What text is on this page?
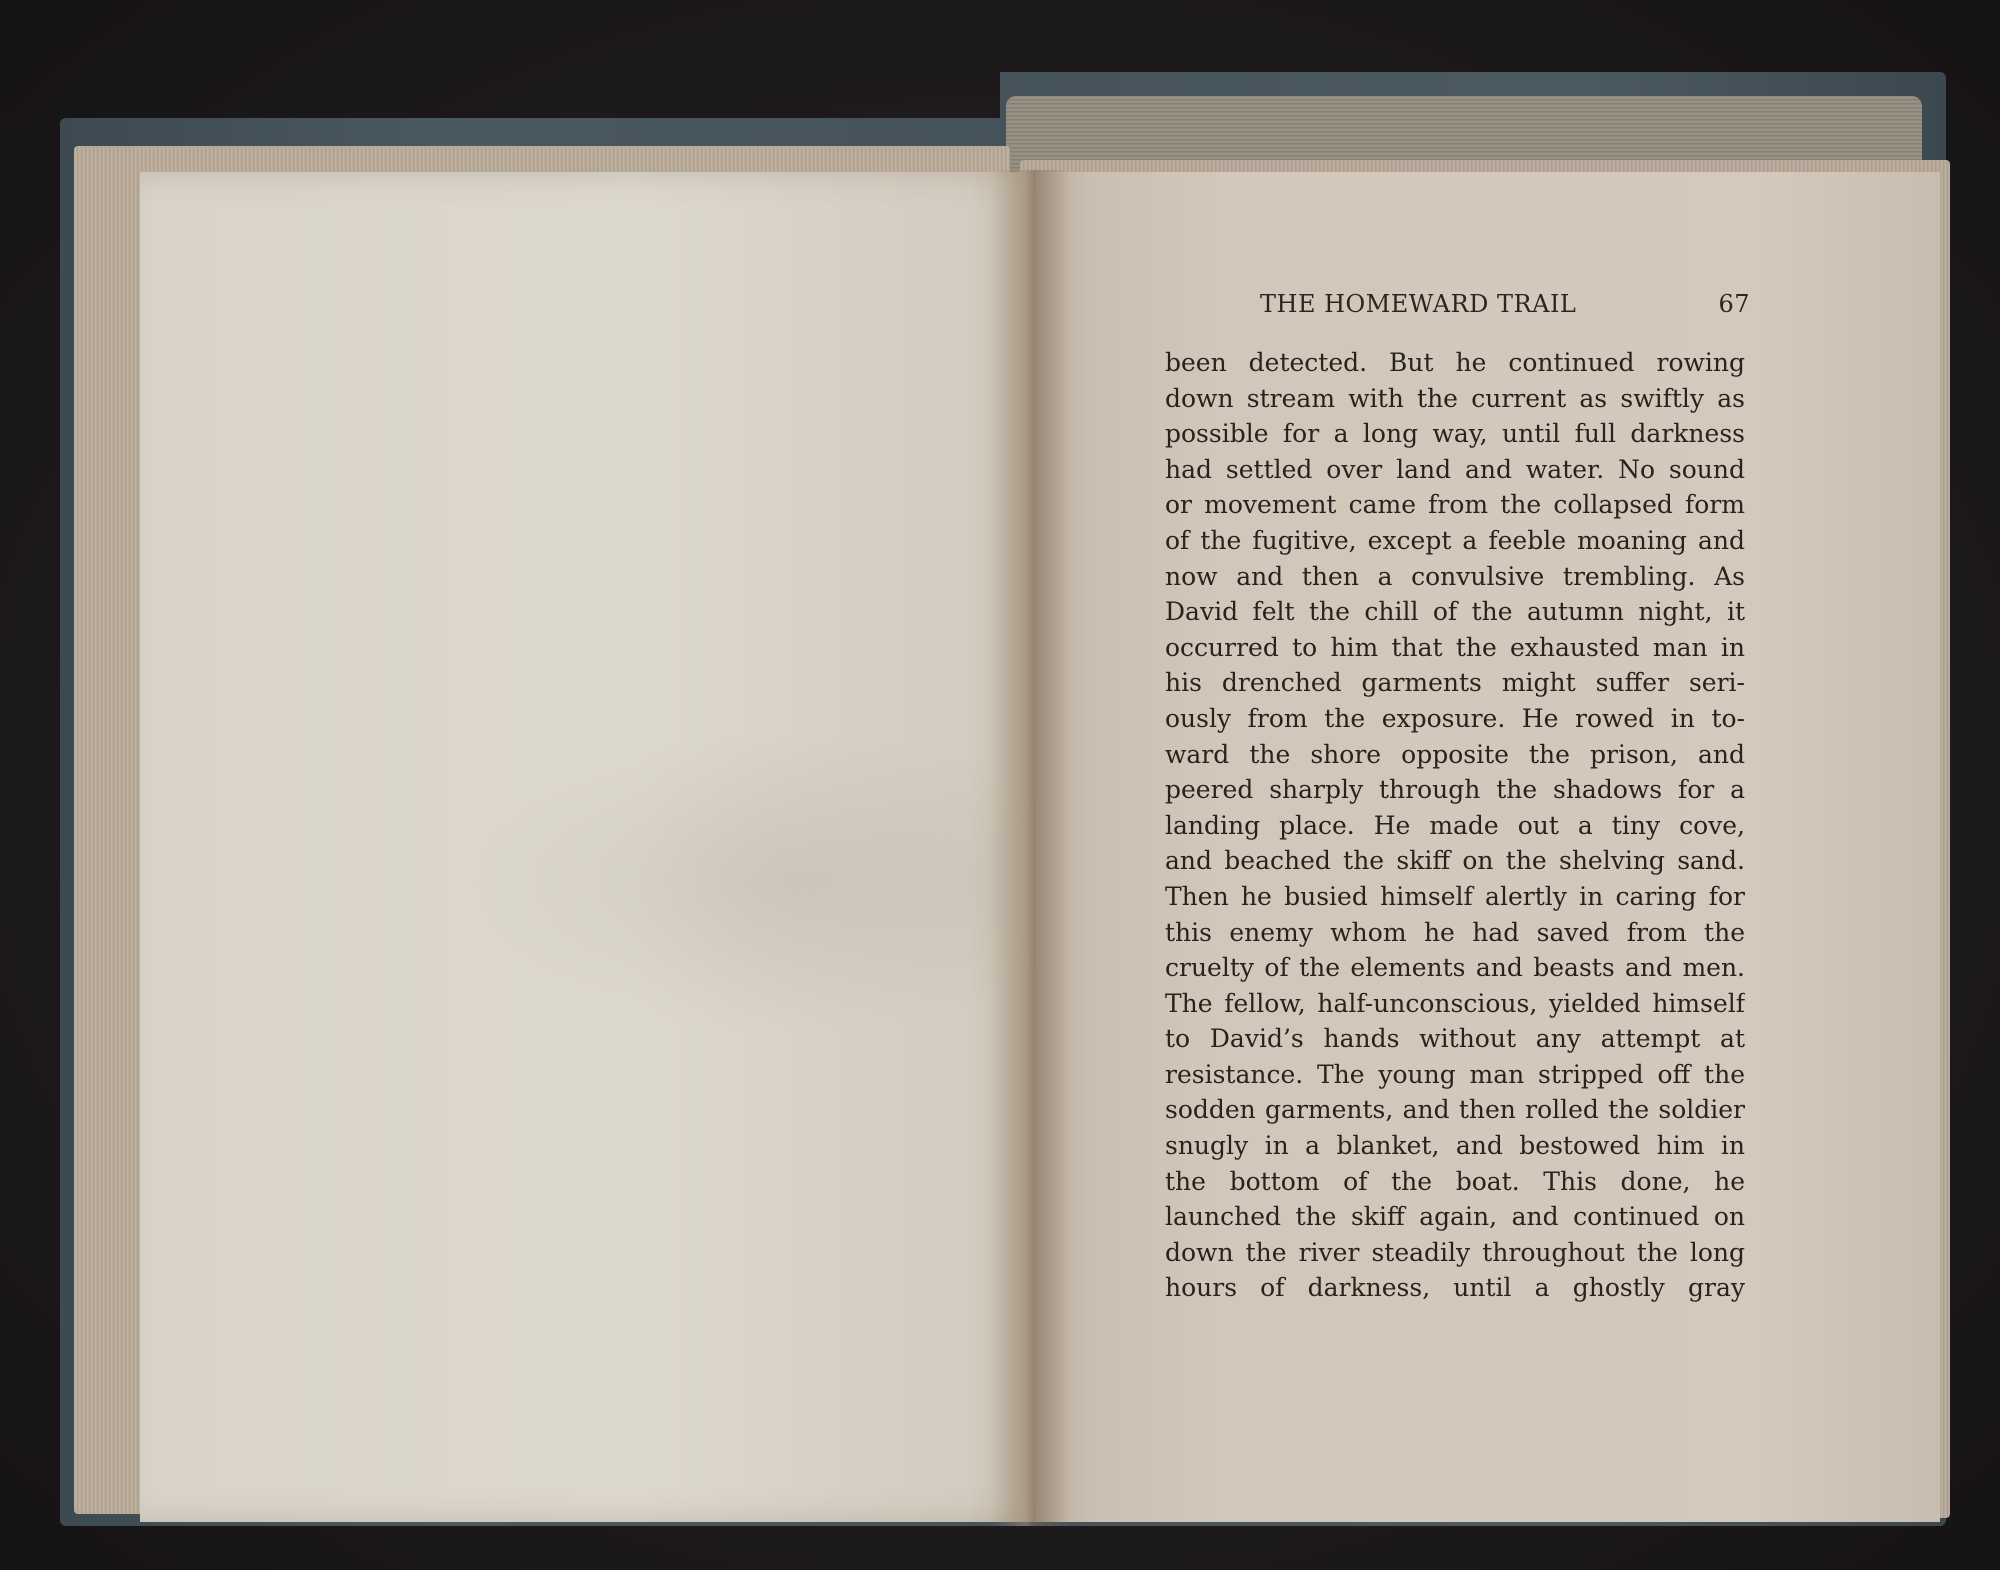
THE HOMEWARD TRAIL	67
been detected. But he continued rowing
down stream with the current as swiftly as
possible for a long way, until full darkness
had settled over land and water. No sound
or movement came from the collapsed form
of the fugitive, except a feeble moaning and
now and then a convulsive trembling. As
David felt the chill of the autumn night, it
occurred to him that the exhausted man in
his drenched garments might suffer seri-
ously from the exposure. He rowed in to-
ward the shore opposite the prison, and
peered sharply through the shadows for a
landing place. He made out a tiny cove,
and beached the skiff on the shelving sand.
Then he busied himself alertly in caring for
this enemy whom he had saved from the
cruelty of the elements and beasts and men.
The fellow, half-unconscious, yielded himself
to David’s hands without any attempt at
resistance. The young man stripped off the
sodden garments, and then rolled the soldier
snugly in a blanket, and bestowed him in
the bottom of the boat. This done, he
launched the skiff again, and continued on
down the river steadily throughout the long
hours of darkness, until a ghostly gray
